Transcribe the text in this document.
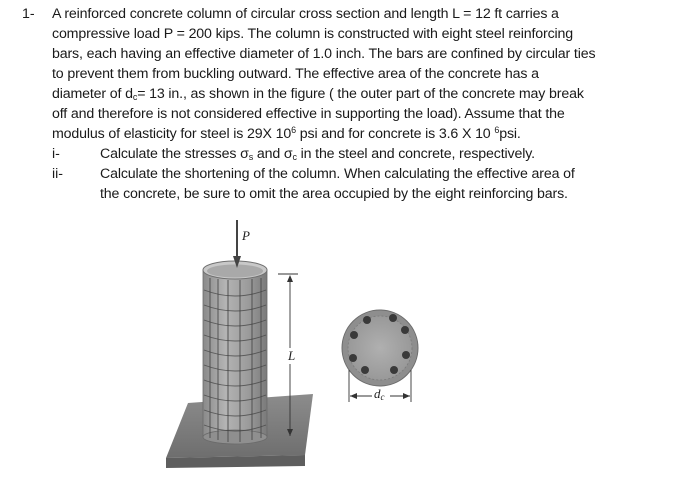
1- A reinforced concrete column of circular cross section and length L = 12 ft carries a
compressive load P = 200 kips. The column is constructed with eight steel reinforcing
bars, each having an effective diameter of 1.0 inch. The bars are confined by circular ties
to prevent them from buckling outward. The effective area of the concrete has a
diameter of $d_c= 13$ in., as shown in the figure ( the outer part of the concrete may break
off and therefore is not considered effective in supporting the load). Assume that the
modulus of elasticity for steel is 29X $10^6$ psi and for concrete is 3.6 X 10 $^6$psi.
i-	Calculate the stresses $\sigma_s$ and $\sigma_c$ in the steel and concrete, respectively.
ii-	Calculate the shortening of the column. When calculating the effective area of
the concrete, be sure to omit the area occupied by the eight reinforcing bars.
P
L
$d_c$
